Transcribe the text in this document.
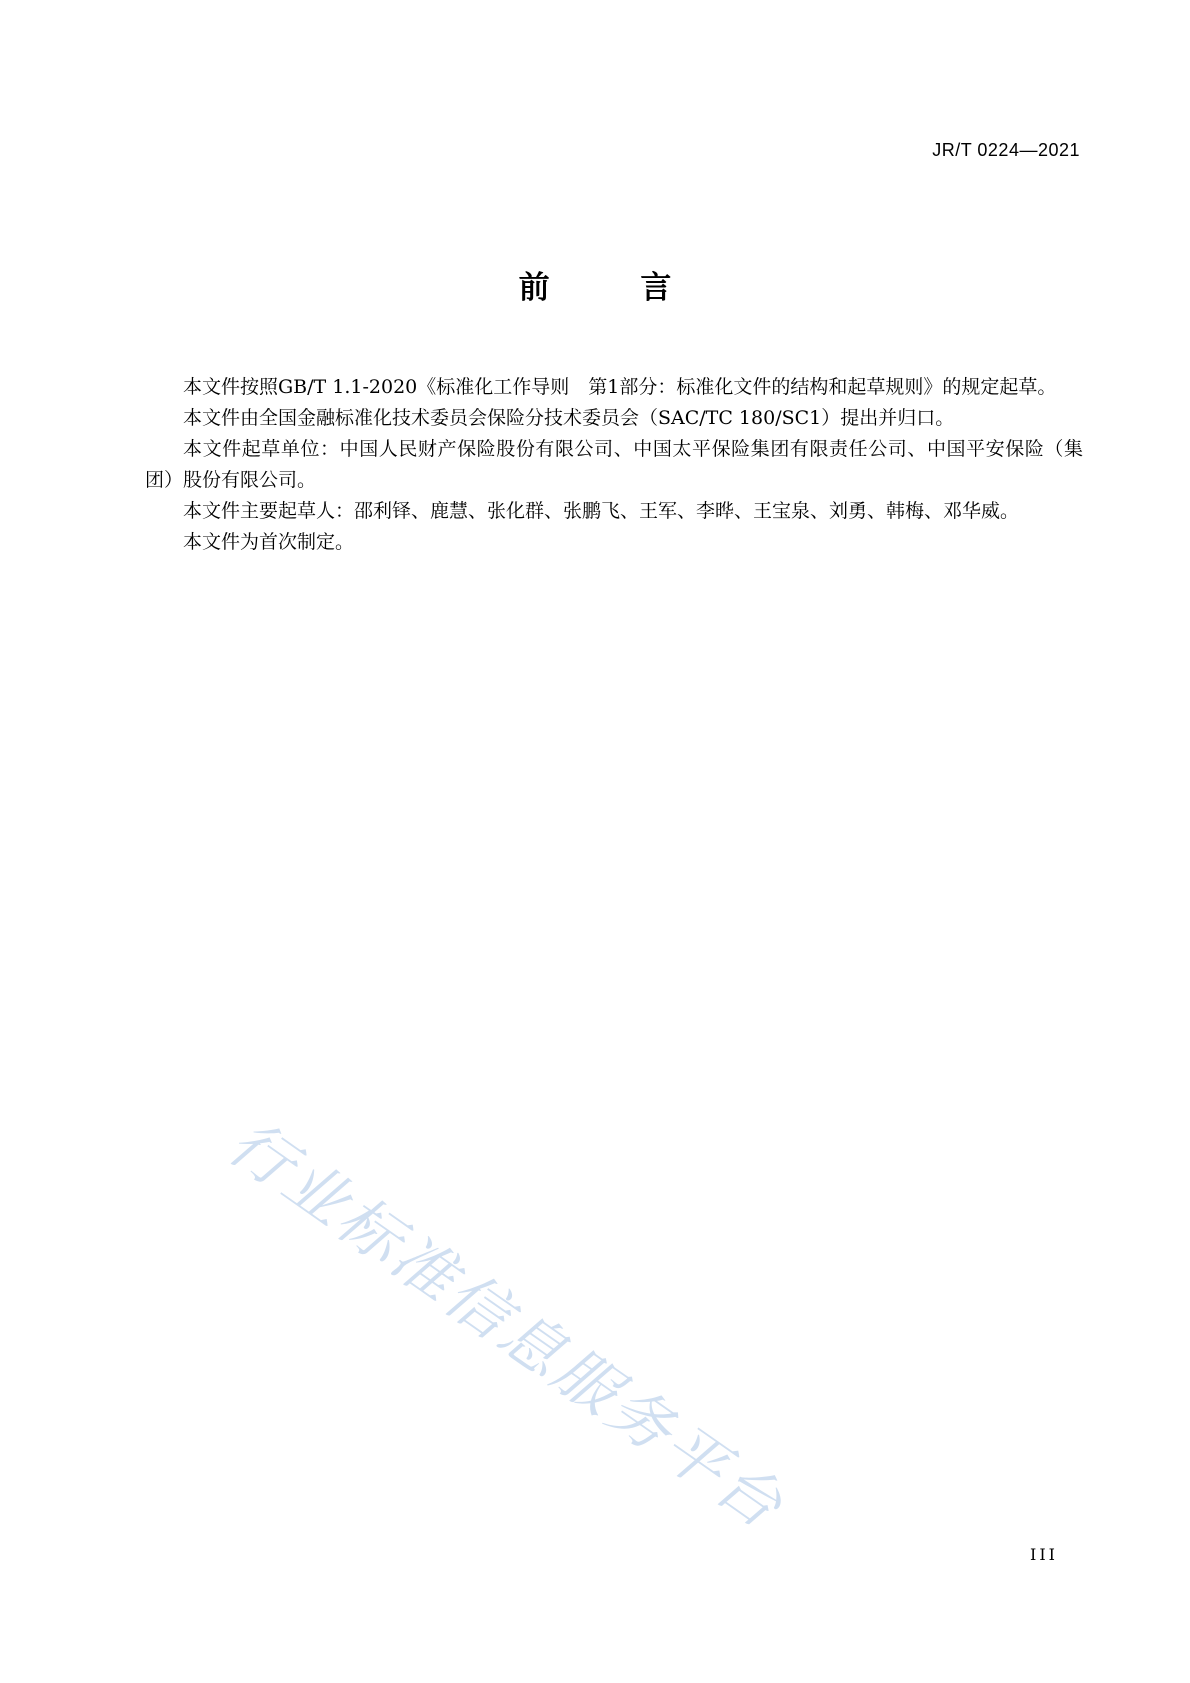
JR/T 0224—2021
前 言

本文件按照GB/T 1.1-2020《标准化工作导则　第1部分：标准化文件的结构和起草规则》的规定起草。

本文件由全国金融标准化技术委员会保险分技术委员会（SAC/TC 180/SC1）提出并归口。

本文件起草单位：中国人民财产保险股份有限公司、中国太平保险集团有限责任公司、中国平安保险（集团）股份有限公司。

本文件主要起草人：邵利铎、鹿慧、张化群、张鹏飞、王军、李晔、王宝泉、刘勇、韩梅、邓华威。

本文件为首次制定。

行业标准信息服务平台
III
